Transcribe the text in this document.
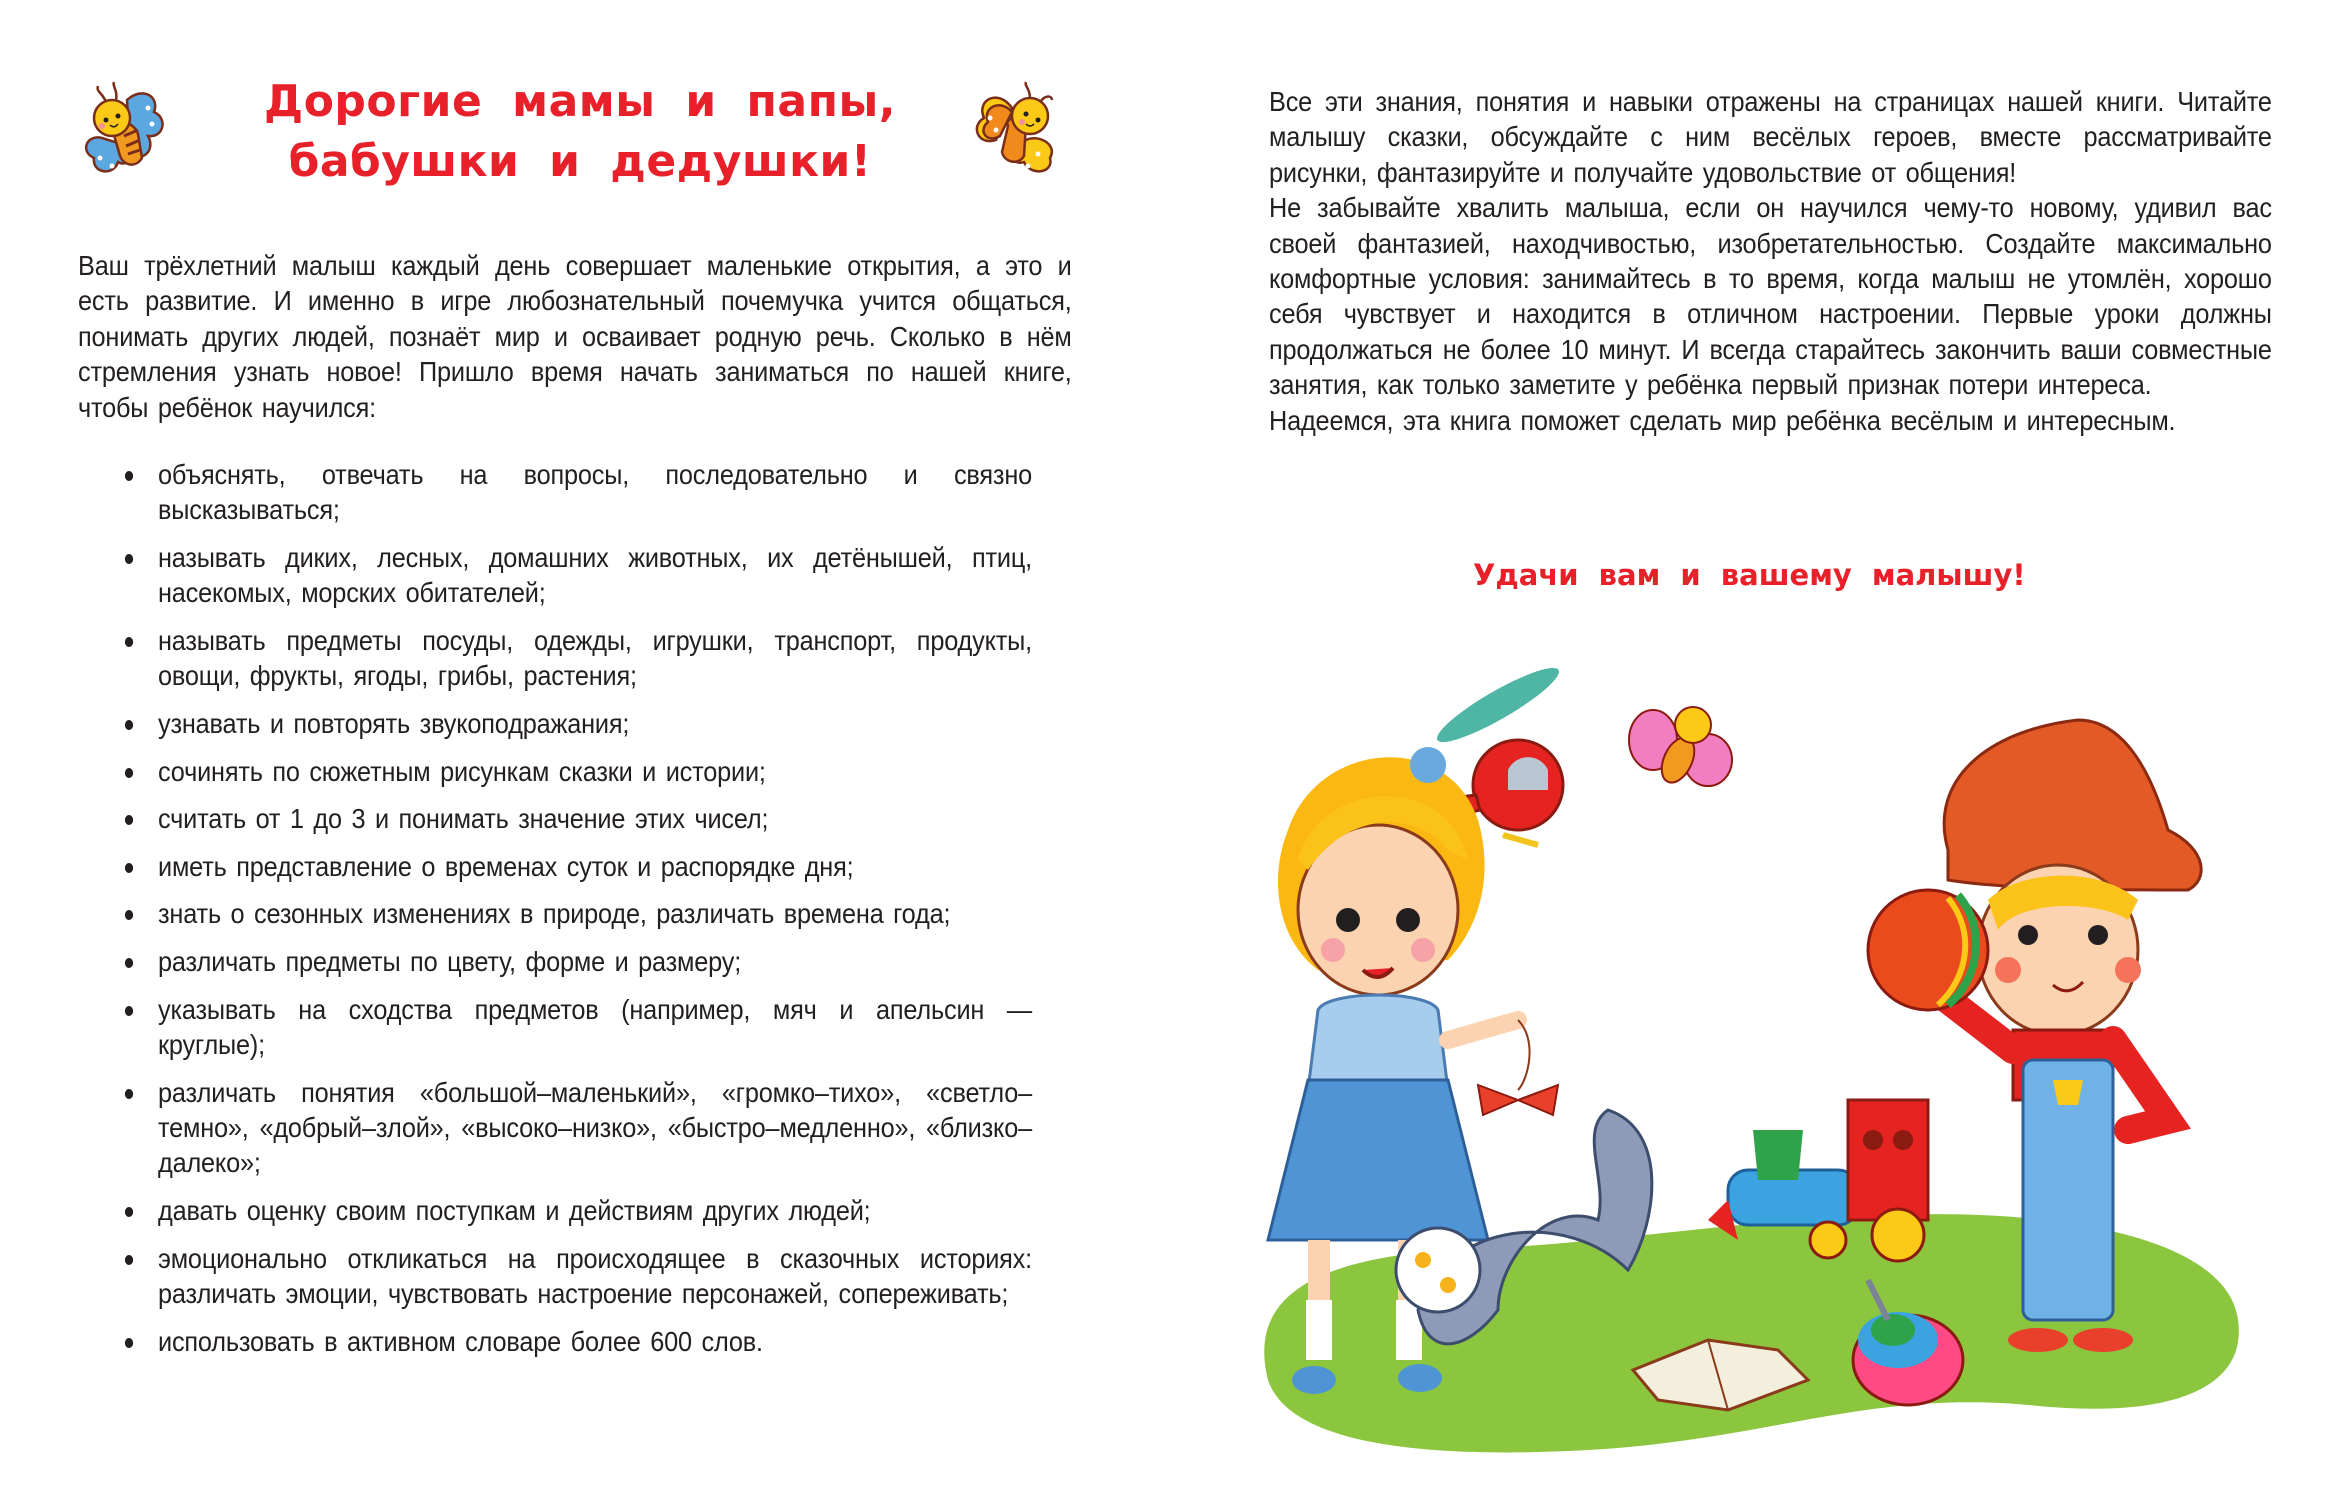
Дорогие мамы и папы,
бабушки и дедушки!

Ваш трёхлетний малыш каждый день совершает маленькие открытия, а это и есть развитие. И именно в игре любознательный почемучка учится общаться, понимать других людей, познаёт мир и осваивает родную речь. Сколько в нём стремления узнать новое! Пришло время начать заниматься по нашей книге, чтобы ребёнок научился:

объяснять, отвечать на вопросы, последовательно и связно высказываться;
называть диких, лесных, домашних животных, их детёнышей, птиц, насекомых, морских обитателей;
называть предметы посуды, одежды, игрушки, транспорт, продукты, овощи, фрукты, ягоды, грибы, растения;
узнавать и повторять звукоподражания;
сочинять по сюжетным рисункам сказки и истории;
считать от 1 до 3 и понимать значение этих чисел;
иметь представление о временах суток и распорядке дня;
знать о сезонных изменениях в природе, различать времена года;
различать предметы по цвету, форме и размеру;
указывать на сходства предметов (например, мяч и апельсин — круглые);
различать понятия «большой–маленький», «громко–тихо», «светло–темно», «добрый–злой», «высоко–низко», «быстро–медленно», «близко–далеко»;
давать оценку своим поступкам и действиям других людей;
эмоционально откликаться на происходящее в сказочных историях: различать эмоции, чувствовать настроение персонажей, сопереживать;
использовать в активном словаре более 600 слов.

Все эти знания, понятия и навыки отражены на страницах нашей книги. Читайте малышу сказки, обсуждайте с ним весёлых героев, вместе рассматривайте рисунки, фантазируйте и получайте удовольствие от общения!

Не забывайте хвалить малыша, если он научился чему-то новому, удивил вас своей фантазией, находчивостью, изобретательностью. Создайте максимально комфортные условия: занимайтесь в то время, когда малыш не утомлён, хорошо себя чувствует и находится в отличном настроении. Первые уроки должны продолжаться не более 10 минут. И всегда старайтесь закончить ваши совместные занятия, как только заметите у ребёнка первый признак потери интереса.

Надеемся, эта книга поможет сделать мир ребёнка весёлым и интересным.

Удачи вам и вашему малышу!
